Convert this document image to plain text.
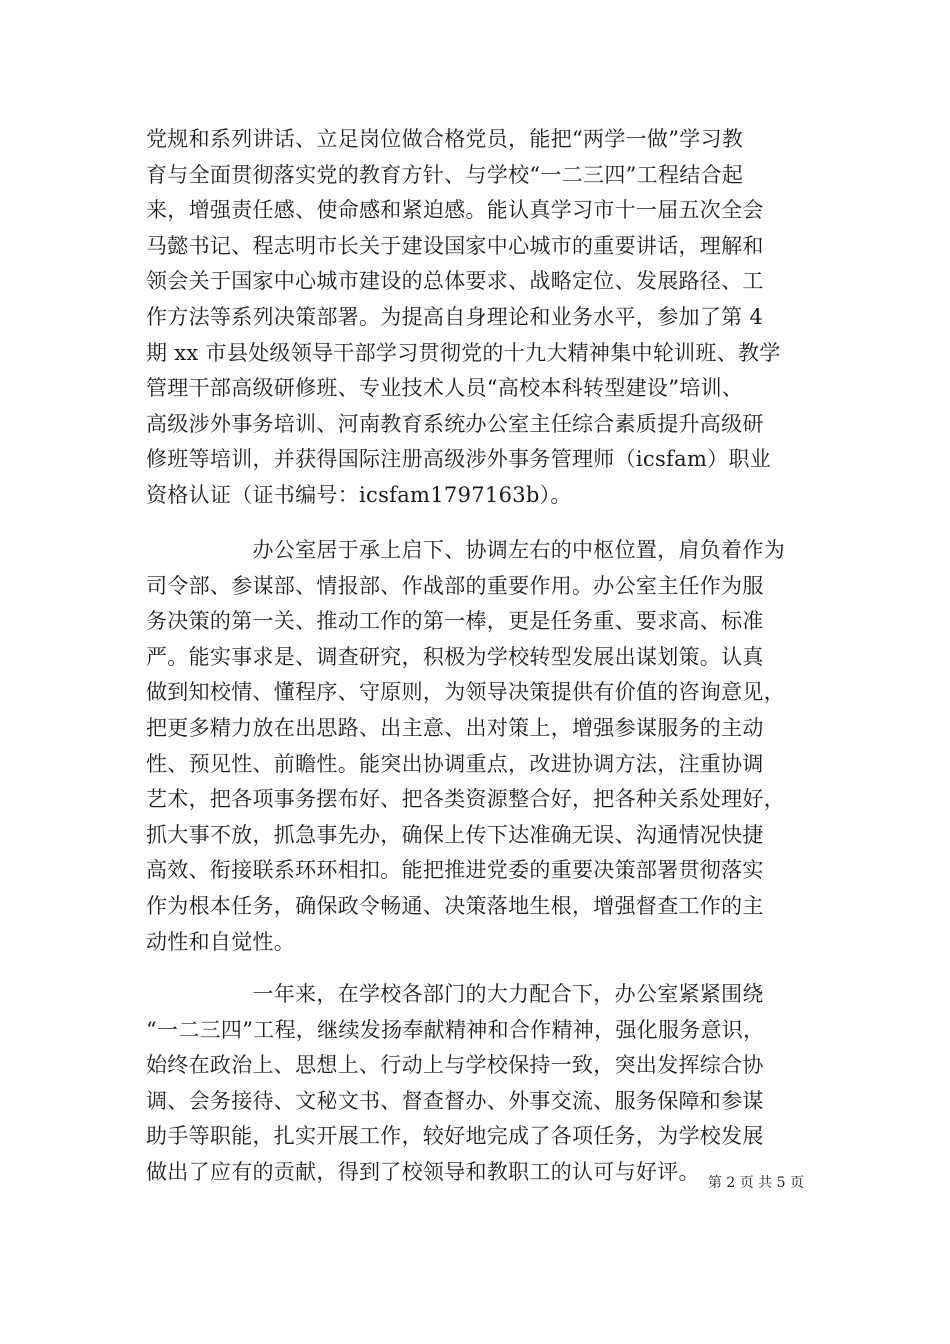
党规和系列讲话、立足岗位做合格党员，能把“两学一做”学习教
育与全面贯彻落实党的教育方针、与学校“一二三四”工程结合起
来，增强责任感、使命感和紧迫感。能认真学习市十一届五次全会
马懿书记、程志明市长关于建设国家中心城市的重要讲话，理解和
领会关于国家中心城市建设的总体要求、战略定位、发展路径、工
作方法等系列决策部署。为提高自身理论和业务水平，参加了第 4
期 xx 市县处级领导干部学习贯彻党的十九大精神集中轮训班、教学
管理干部高级研修班、专业技术人员“高校本科转型建设”培训、
高级涉外事务培训、河南教育系统办公室主任综合素质提升高级研
修班等培训，并获得国际注册高级涉外事务管理师（icsfam）职业
资格认证（证书编号：icsfam1797163b）。
　　　　　办公室居于承上启下、协调左右的中枢位置，肩负着作为
司令部、参谋部、情报部、作战部的重要作用。办公室主任作为服
务决策的第一关、推动工作的第一棒，更是任务重、要求高、标准
严。能实事求是、调查研究，积极为学校转型发展出谋划策。认真
做到知校情、懂程序、守原则，为领导决策提供有价值的咨询意见，
把更多精力放在出思路、出主意、出对策上，增强参谋服务的主动
性、预见性、前瞻性。能突出协调重点，改进协调方法，注重协调
艺术，把各项事务摆布好、把各类资源整合好，把各种关系处理好，
抓大事不放，抓急事先办，确保上传下达准确无误、沟通情况快捷
高效、衔接联系环环相扣。能把推进党委的重要决策部署贯彻落实
作为根本任务，确保政令畅通、决策落地生根，增强督查工作的主
动性和自觉性。
　　　　　一年来，在学校各部门的大力配合下，办公室紧紧围绕
“一二三四”工程，继续发扬奉献精神和合作精神，强化服务意识，
始终在政治上、思想上、行动上与学校保持一致，突出发挥综合协
调、会务接待、文秘文书、督查督办、外事交流、服务保障和参谋
助手等职能，扎实开展工作，较好地完成了各项任务，为学校发展
做出了应有的贡献，得到了校领导和教职工的认可与好评。 第 2 页 共 5 页
